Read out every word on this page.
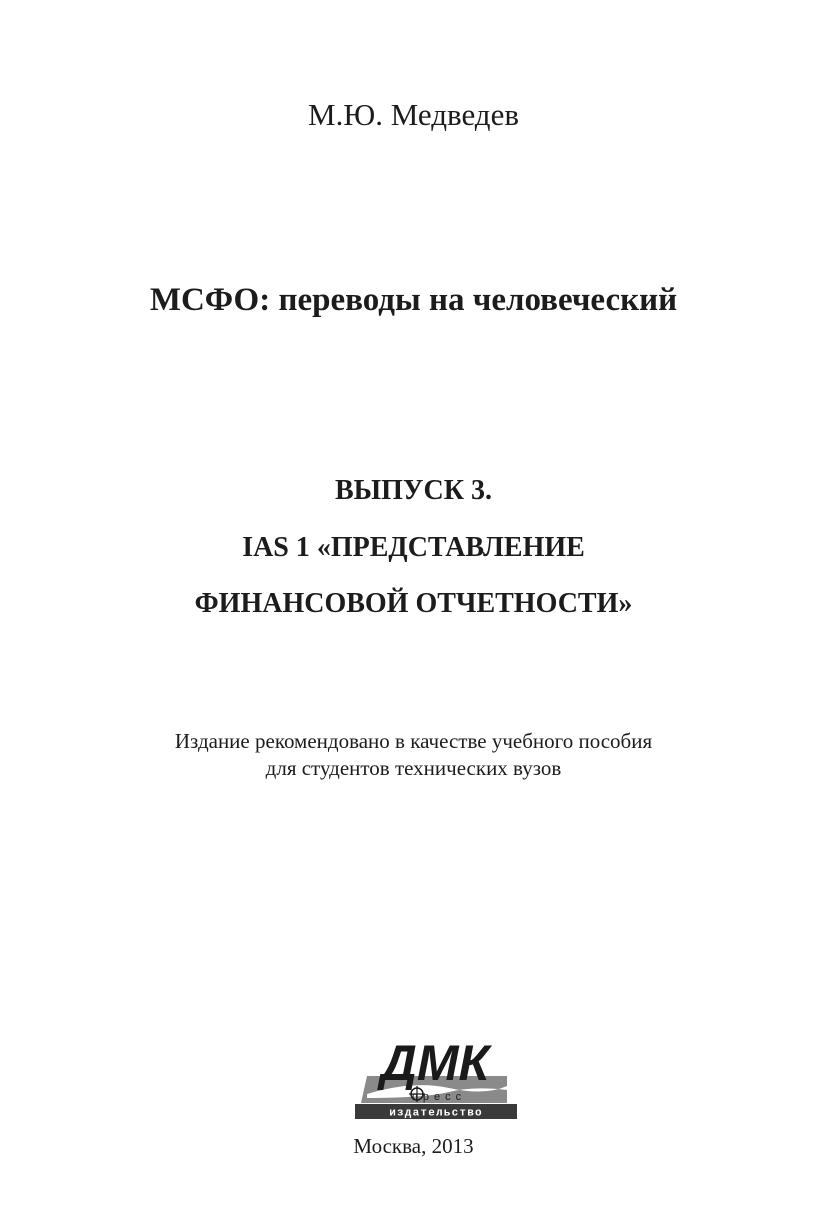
М.Ю. Медведев
МСФО: переводы на человеческий
ВЫПУСК 3.
IAS 1 «ПРЕДСТАВЛЕНИЕ
ФИНАНСОВОЙ ОТЧЕТНОСТИ»
Издание рекомендовано в качестве учебного пособия
для студентов технических вузов
ДМК
пресс
издательство
Москва, 2013
